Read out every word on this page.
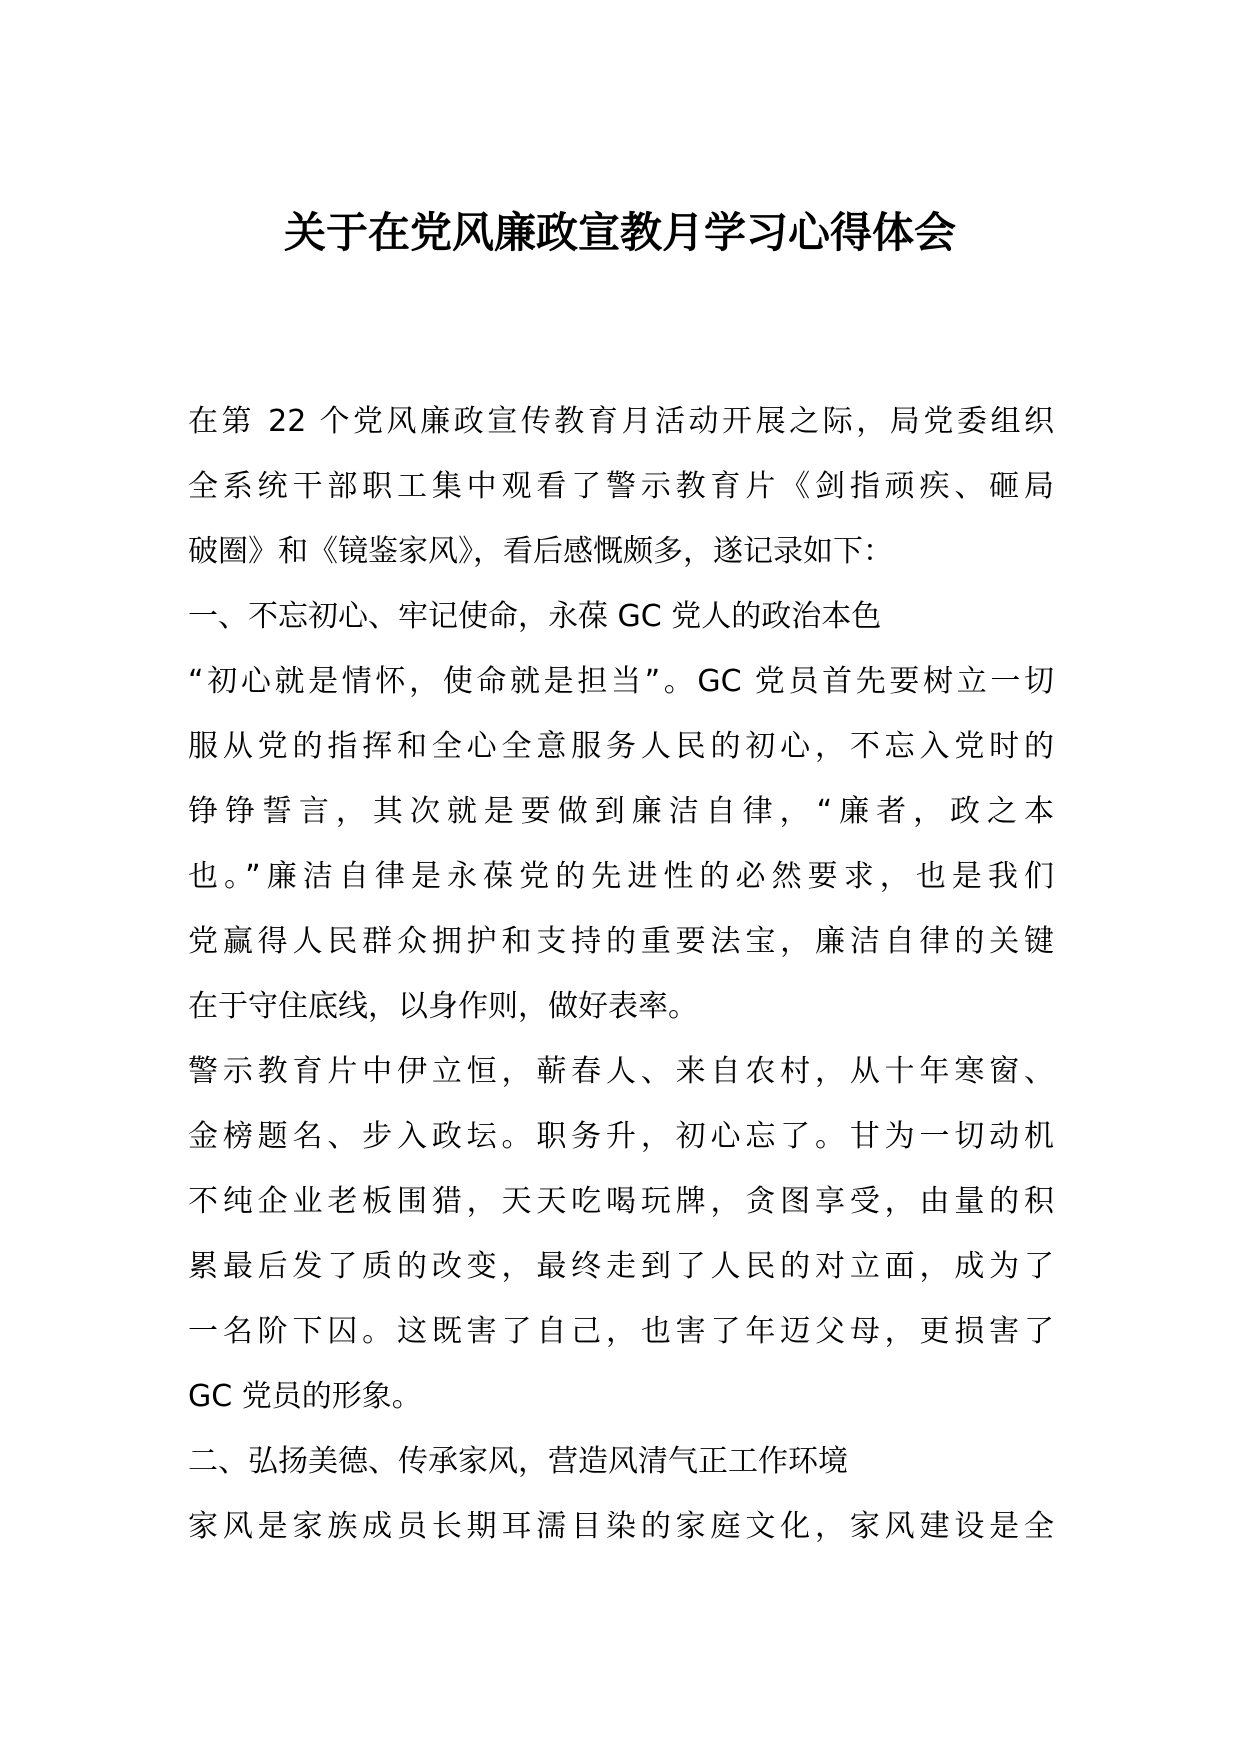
关于在党风廉政宣教月学习心得体会
在第 22 个党风廉政宣传教育月活动开展之际，局党委组织
全系统干部职工集中观看了警示教育片《剑指顽疾、砸局
破圈》和《镜鉴家风》，看后感慨颇多，遂记录如下：
一、不忘初心、牢记使命，永葆 GC 党人的政治本色
“初心就是情怀，使命就是担当”。GC 党员首先要树立一切
服从党的指挥和全心全意服务人民的初心，不忘入党时的
铮铮誓言，其次就是要做到廉洁自律，“廉者，政之本
也。”廉洁自律是永葆党的先进性的必然要求，也是我们
党赢得人民群众拥护和支持的重要法宝，廉洁自律的关键
在于守住底线，以身作则，做好表率。
警示教育片中伊立恒，蕲春人、来自农村，从十年寒窗、
金榜题名、步入政坛。职务升，初心忘了。甘为一切动机
不纯企业老板围猎，天天吃喝玩牌，贪图享受，由量的积
累最后发了质的改变，最终走到了人民的对立面，成为了
一名阶下囚。这既害了自己，也害了年迈父母，更损害了
GC 党员的形象。
二、弘扬美德、传承家风，营造风清气正工作环境
家风是家族成员长期耳濡目染的家庭文化，家风建设是全
